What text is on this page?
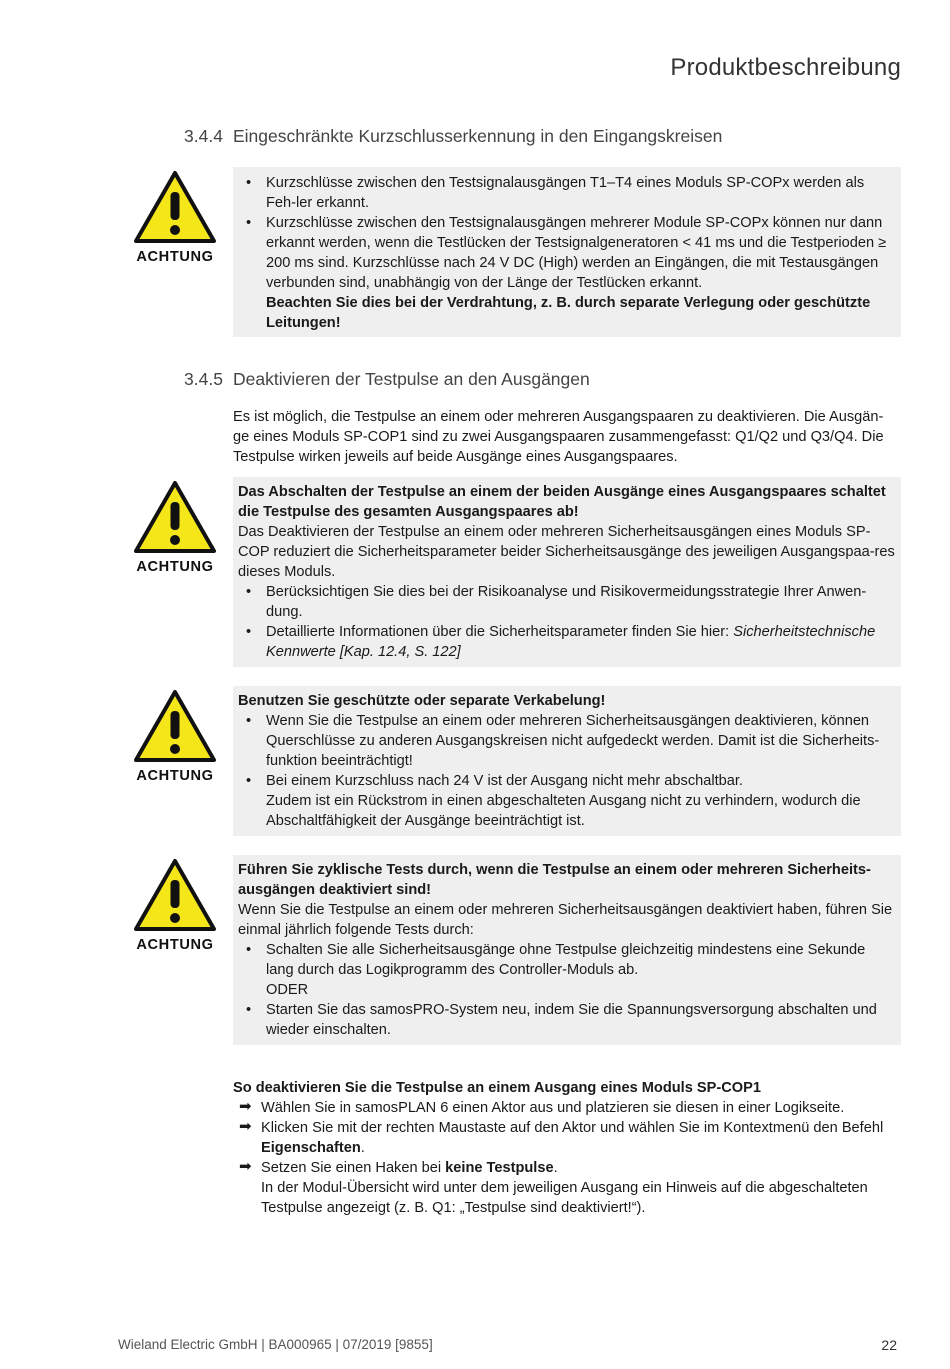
Produktbeschreibung
3.4.4 Eingeschränkte Kurzschlusserkennung in den Eingangskreisen
ACHTUNG
• Kurzschlüsse zwischen den Testsignalausgängen T1–T4 eines Moduls SP-COPx werden als Feh-ler erkannt.
• Kurzschlüsse zwischen den Testsignalausgängen mehrerer Module SP-COPx können nur dann erkannt werden, wenn die Testlücken der Testsignalgeneratoren < 41 ms und die Testperioden ≥ 200 ms sind. Kurzschlüsse nach 24 V DC (High) werden an Eingängen, die mit Testausgängen verbunden sind, unabhängig von der Länge der Testlücken erkannt.
Beachten Sie dies bei der Verdrahtung, z. B. durch separate Verlegung oder geschützte Leitungen!
3.4.5 Deaktivieren der Testpulse an den Ausgängen
Es ist möglich, die Testpulse an einem oder mehreren Ausgangspaaren zu deaktivieren. Die Ausgän-ge eines Moduls SP-COP1 sind zu zwei Ausgangspaaren zusammengefasst: Q1/Q2 und Q3/Q4. Die Testpulse wirken jeweils auf beide Ausgänge eines Ausgangspaares.
ACHTUNG
Das Abschalten der Testpulse an einem der beiden Ausgänge eines Ausgangspaares schaltet die Testpulse des gesamten Ausgangspaares ab!
Das Deaktivieren der Testpulse an einem oder mehreren Sicherheitsausgängen eines Moduls SP-COP reduziert die Sicherheitsparameter beider Sicherheitsausgänge des jeweiligen Ausgangspaa-res dieses Moduls.
• Berücksichtigen Sie dies bei der Risikoanalyse und Risikovermeidungsstrategie Ihrer Anwen-dung.
• Detaillierte Informationen über die Sicherheitsparameter finden Sie hier: Sicherheitstechnische Kennwerte [Kap. 12.4, S. 122]
ACHTUNG
Benutzen Sie geschützte oder separate Verkabelung!
• Wenn Sie die Testpulse an einem oder mehreren Sicherheitsausgängen deaktivieren, können Querschlüsse zu anderen Ausgangskreisen nicht aufgedeckt werden. Damit ist die Sicherheits-funktion beeinträchtigt!
• Bei einem Kurzschluss nach 24 V ist der Ausgang nicht mehr abschaltbar.
Zudem ist ein Rückstrom in einen abgeschalteten Ausgang nicht zu verhindern, wodurch die Abschaltfähigkeit der Ausgänge beeinträchtigt ist.
ACHTUNG
Führen Sie zyklische Tests durch, wenn die Testpulse an einem oder mehreren Sicherheits-ausgängen deaktiviert sind!
Wenn Sie die Testpulse an einem oder mehreren Sicherheitsausgängen deaktiviert haben, führen Sie einmal jährlich folgende Tests durch:
• Schalten Sie alle Sicherheitsausgänge ohne Testpulse gleichzeitig mindestens eine Sekunde lang durch das Logikprogramm des Controller-Moduls ab.
ODER
• Starten Sie das samosPRO-System neu, indem Sie die Spannungsversorgung abschalten und wieder einschalten.
So deaktivieren Sie die Testpulse an einem Ausgang eines Moduls SP-COP1
➡ Wählen Sie in samosPLAN 6 einen Aktor aus und platzieren sie diesen in einer Logikseite.
➡ Klicken Sie mit der rechten Maustaste auf den Aktor und wählen Sie im Kontextmenü den Befehl Eigenschaften.
➡ Setzen Sie einen Haken bei keine Testpulse.
In der Modul-Übersicht wird unter dem jeweiligen Ausgang ein Hinweis auf die abgeschalteten Testpulse angezeigt (z. B. Q1: „Testpulse sind deaktiviert!“).
Wieland Electric GmbH | BA000965 | 07/2019 [9855]	22
